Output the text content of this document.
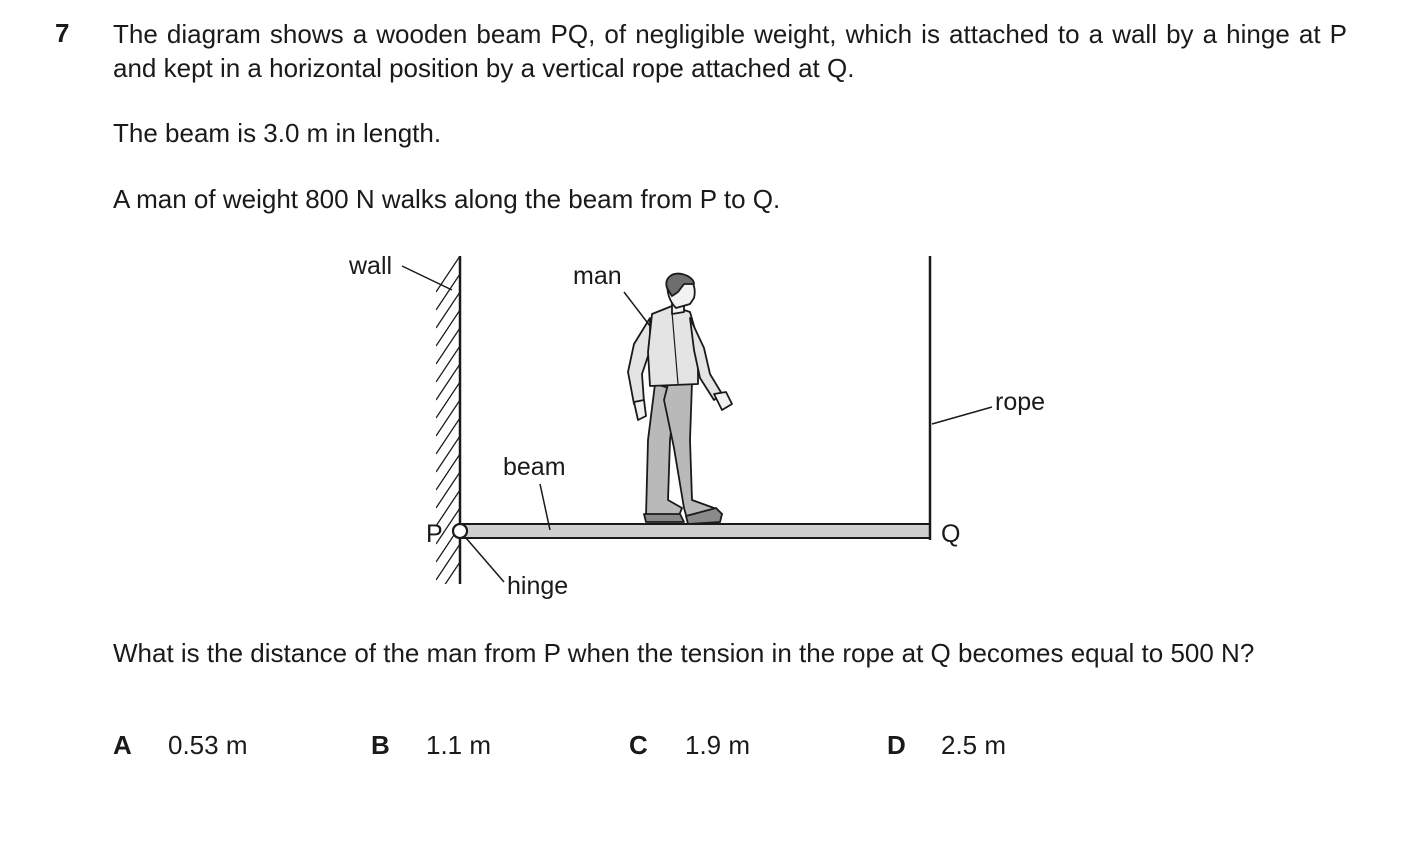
7 The diagram shows a wooden beam PQ, of negligible weight, which is attached to a wall by a hinge at P and kept in a horizontal position by a vertical rope attached at Q.

The beam is 3.0 m in length.

A man of weight 800 N walks along the beam from P to Q.

wall	man
rope
beam
P	Q
hinge

What is the distance of the man from P when the tension in the rope at Q becomes equal to 500 N?

A 0.53 m	B 1.1 m	C 1.9 m	D 2.5 m
